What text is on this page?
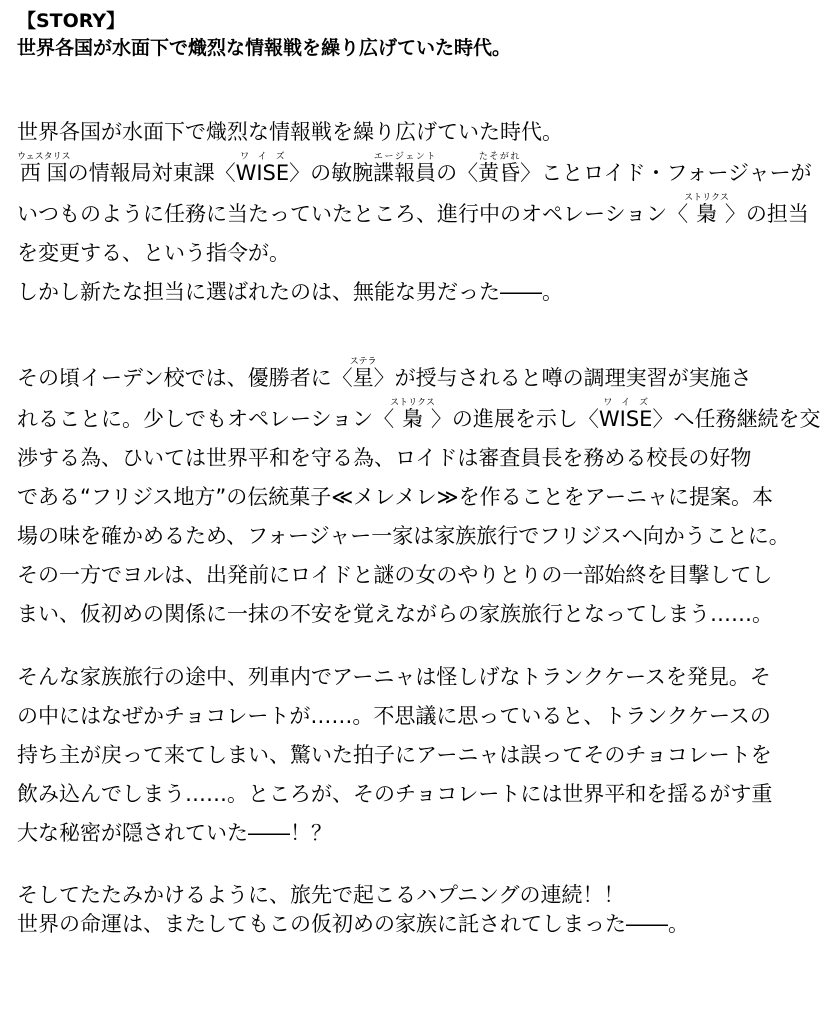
【STORY】
世界各国が水面下で熾烈な情報戦を繰り広げていた時代。
世界各国が水面下で熾烈な情報戦を繰り広げていた時代。
西国ウェスタリスの情報局対東課〈WISEワイズ〉の敏腕諜報員エージェントの〈黄昏たそがれ〉ことロイド・フォージャーが
いつものように任務に当たっていたところ、進行中のオペレーション〈梟ストリクス〉の担当
を変更する、という指令が。
しかし新たな担当に選ばれたのは、無能な男だった――。
その頃イーデン校では、優勝者に〈星ステラ〉が授与されると噂の調理実習が実施さ
れることに。少しでもオペレーション〈梟ストリクス〉の進展を示し〈WISEワイズ〉へ任務継続を交
渉する為、ひいては世界平和を守る為、ロイドは審査員長を務める校長の好物
である“フリジス地方”の伝統菓子≪メレメレ≫を作ることをアーニャに提案。本
場の味を確かめるため、フォージャー一家は家族旅行でフリジスへ向かうことに。
その一方でヨルは、出発前にロイドと謎の女のやりとりの一部始終を目撃してし
まい、仮初めの関係に一抹の不安を覚えながらの家族旅行となってしまう……。
そんな家族旅行の途中、列車内でアーニャは怪しげなトランクケースを発見。そ
の中にはなぜかチョコレートが……。不思議に思っていると、トランクケースの
持ち主が戻って来てしまい、驚いた拍子にアーニャは誤ってそのチョコレートを
飲み込んでしまう……。ところが、そのチョコレートには世界平和を揺るがす重
大な秘密が隠されていた――！？
そしてたたみかけるように、旅先で起こるハプニングの連続！！
世界の命運は、またしてもこの仮初めの家族に託されてしまった――。
